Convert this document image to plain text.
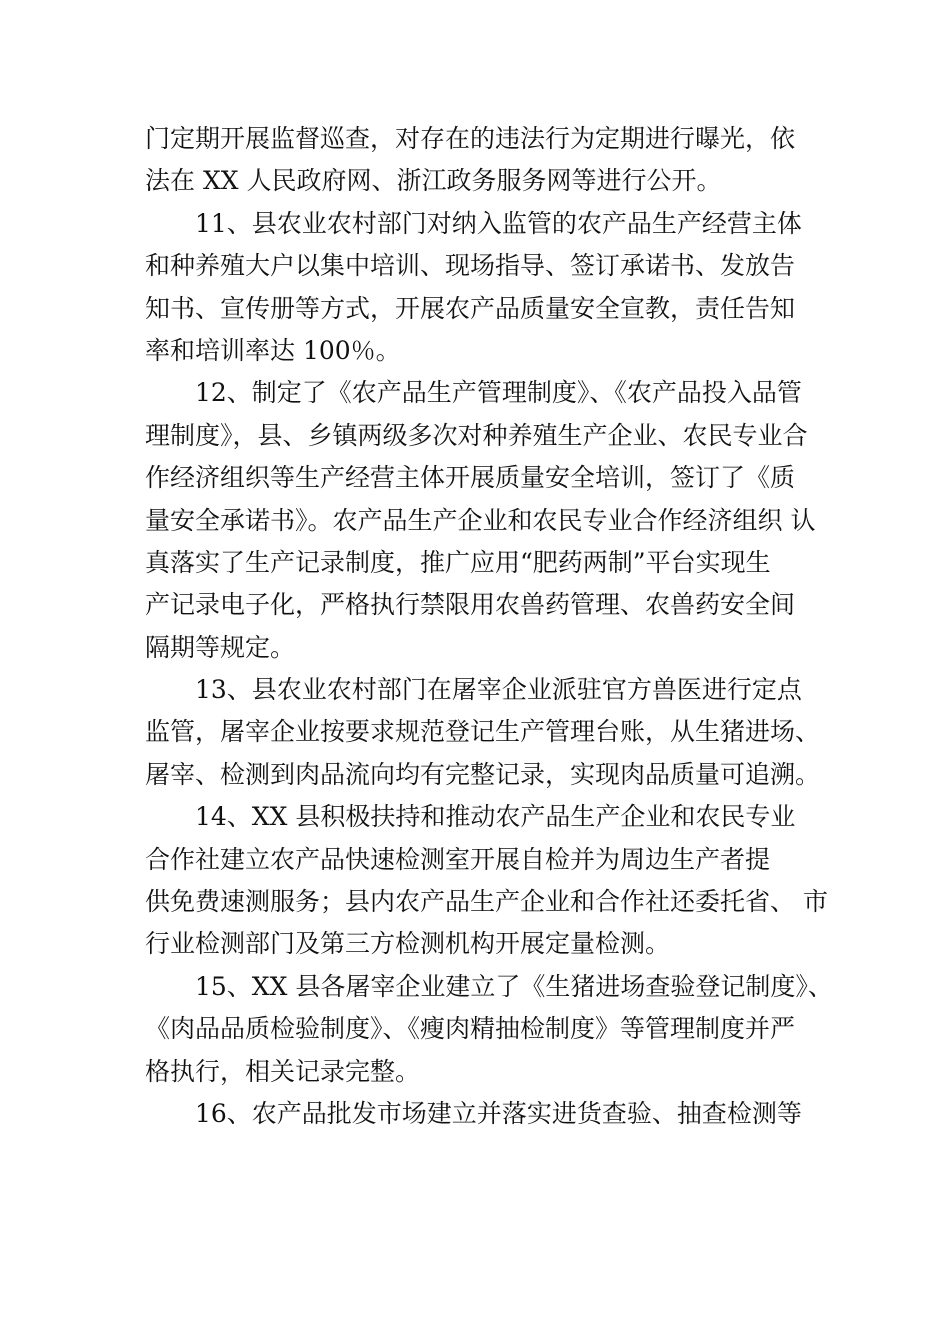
门定期开展监督巡查，对存在的违法行为定期进行曝光，依
法在 XX 人民政府网、浙江政务服务网等进行公开。
11、县农业农村部门对纳入监管的农产品生产经营主体
和种养殖大户以集中培训、现场指导、签订承诺书、发放告
知书、宣传册等方式，开展农产品质量安全宣教，责任告知
率和培训率达 100％。
12、制定了《农产品生产管理制度》、《农产品投入品管
理制度》，县、乡镇两级多次对种养殖生产企业、农民专业合
作经济组织等生产经营主体开展质量安全培训，签订了《质
量安全承诺书》。农产品生产企业和农民专业合作经济组织 认
真落实了生产记录制度，推广应用“肥药两制”平台实现生
产记录电子化，严格执行禁限用农兽药管理、农兽药安全间
隔期等规定。
13、县农业农村部门在屠宰企业派驻官方兽医进行定点
监管，屠宰企业按要求规范登记生产管理台账，从生猪进场、
屠宰、检测到肉品流向均有完整记录，实现肉品质量可追溯。
14、XX 县积极扶持和推动农产品生产企业和农民专业
合作社建立农产品快速检测室开展自检并为周边生产者提
供免费速测服务；县内农产品生产企业和合作社还委托省、 市
行业检测部门及第三方检测机构开展定量检测。
15、XX 县各屠宰企业建立了《生猪进场查验登记制度》、
《肉品品质检验制度》、《瘦肉精抽检制度》等管理制度并严
格执行，相关记录完整。
16、农产品批发市场建立并落实进货查验、抽查检测等
